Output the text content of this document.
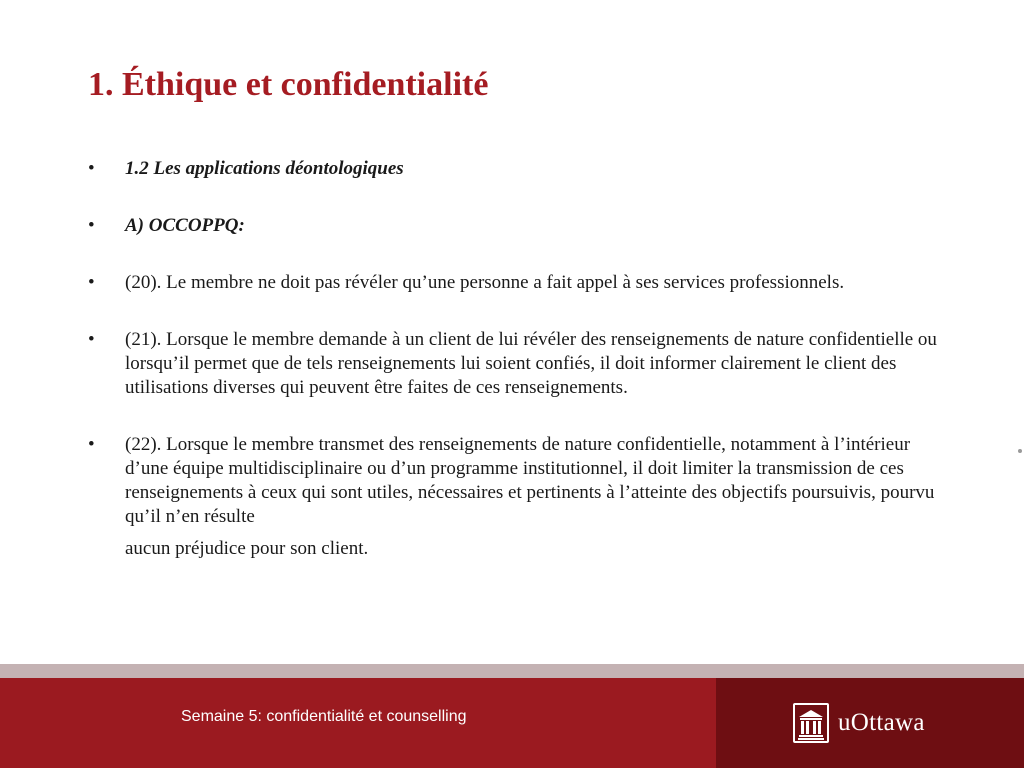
1. Éthique et confidentialité
•	1.2 Les applications déontologiques
•	A) OCCOPPQ:
•	(20). Le membre ne doit pas révéler qu’une personne a fait appel à ses services professionnels.
•	(21). Lorsque le membre demande à un client de lui révéler des renseignements de nature confidentielle ou lorsqu’il permet que de tels renseignements lui soient confiés, il doit informer clairement le client des utilisations diverses qui peuvent être faites de ces renseignements.
•	(22). Lorsque le membre transmet des renseignements de nature confidentielle, notamment à l’intérieur d’une équipe multidisciplinaire ou d’un programme institutionnel, il doit limiter la transmission de ces renseignements à ceux qui sont utiles, nécessaires et pertinents à l’atteinte des objectifs poursuivis, pourvu qu’il n’en résulte
aucun préjudice pour son client.
Semaine 5: confidentialité et counselling	uOttawa
